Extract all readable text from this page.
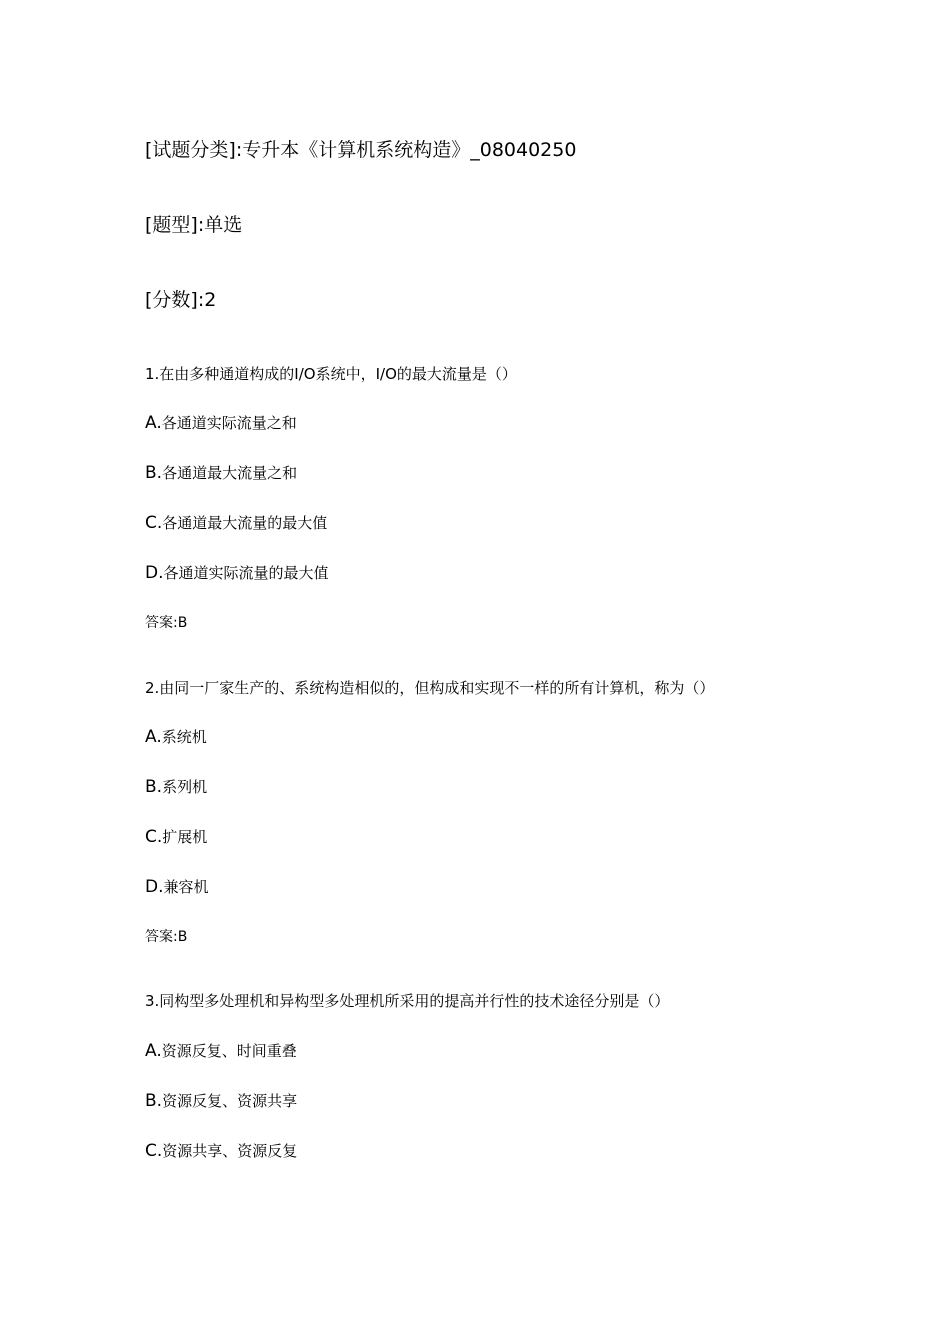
[试题分类]:专升本《计算机系统构造》_08040250

[题型]:单选

[分数]:2

1.在由多种通道构成的I/O系统中，I/O的最大流量是（）

A.各通道实际流量之和

B.各通道最大流量之和

C.各通道最大流量的最大值

D.各通道实际流量的最大值

答案:B

2.由同一厂家生产的、系统构造相似的，但构成和实现不一样的所有计算机，称为（）

A.系统机

B.系列机

C.扩展机

D.兼容机

答案:B

3.同构型多处理机和异构型多处理机所采用的提高并行性的技术途径分别是（）

A.资源反复、时间重叠

B.资源反复、资源共享

C.资源共享、资源反复
